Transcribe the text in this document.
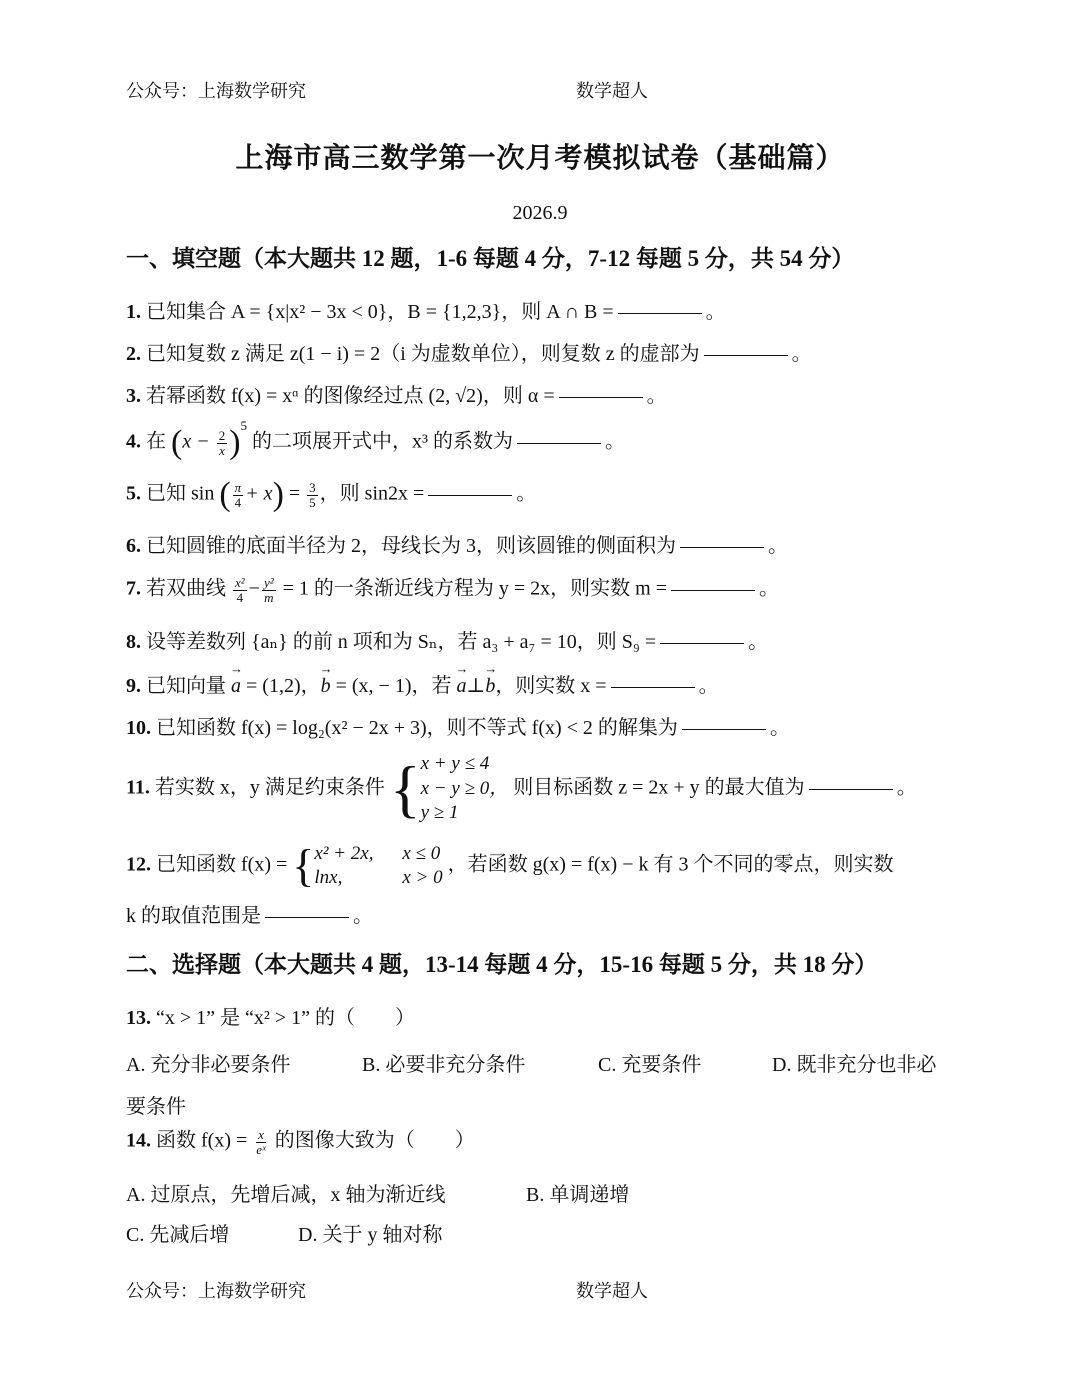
公众号：上海数学研究	数学超人
上海市高三数学第一次月考模拟试卷（基础篇）
2026.9
一、填空题（本大题共 12 题，1-6 每题 4 分，7-12 每题 5 分，共 54 分）
1. 已知集合 A = {x|x² − 3x < 0}，B = {1,2,3}，则 A ∩ B =	。
2. 已知复数 z 满足 z(1 − i) = 2（i 为虚数单位），则复数 z 的虚部为	。
3. 若幂函数 f(x) = xᵅ 的图像经过点 (2, √2)，则 α =	。
4. 在 $(x - \frac{2}{x} )^5$ 的二项展开式中，x³ 的系数为	。
5. 已知 sin ( $\frac{\pi}{4} + x) = \frac{3}{5}$ ，则 sin2x =	。
6. 已知圆锥的底面半径为 2，母线长为 3，则该圆锥的侧面积为	。
7. 若双曲线 $\frac{\text{x²}}{4} - \frac{\text{y²}}{m} = 1$ 的一条渐近线方程为 y = 2x，则实数 m =	。
8. 设等差数列 {aₙ} 的前 n 项和为 Sₙ，若 a₃ + a₇ = 10，则 S₉ =	。
9. 已知向量 a → = (1,2)，b → = (x, − 1)，若 a →⊥b →，则实数 x =	。
10. 已知函数 f(x) = log₂(x² − 2x + 3)，则不等式 f(x) < 2 的解集为	。
11. 若实数 x，y 满足约束条件 { x + y ≤ 4
x − y ≥ 0，
y ≥ 1
则目标函数 z = 2x + y 的最大值为	。
12. 已知函数 f(x) = { x² + 2x, x ≤ 0
lnx,	x > 0
，若函数 g(x) = f(x) − k 有 3 个不同的零点，则实数
k 的取值范围是	。
二、选择题（本大题共 4 题，13-14 每题 4 分，15-16 每题 5 分，共 18 分）
13. “x > 1” 是 “x² > 1” 的（　　）
A. 充分非必要条件	B. 必要非充分条件	C. 充要条件	D. 既非充分也非必
要条件
14. 函数 $f(x) = \frac{x}{\text{eˣ}}$ 的图像大致为（　　）
A. 过原点，先增后减，x 轴为渐近线	B. 单调递增
C. 先减后增	D. 关于 y 轴对称
公众号：上海数学研究	数学超人
